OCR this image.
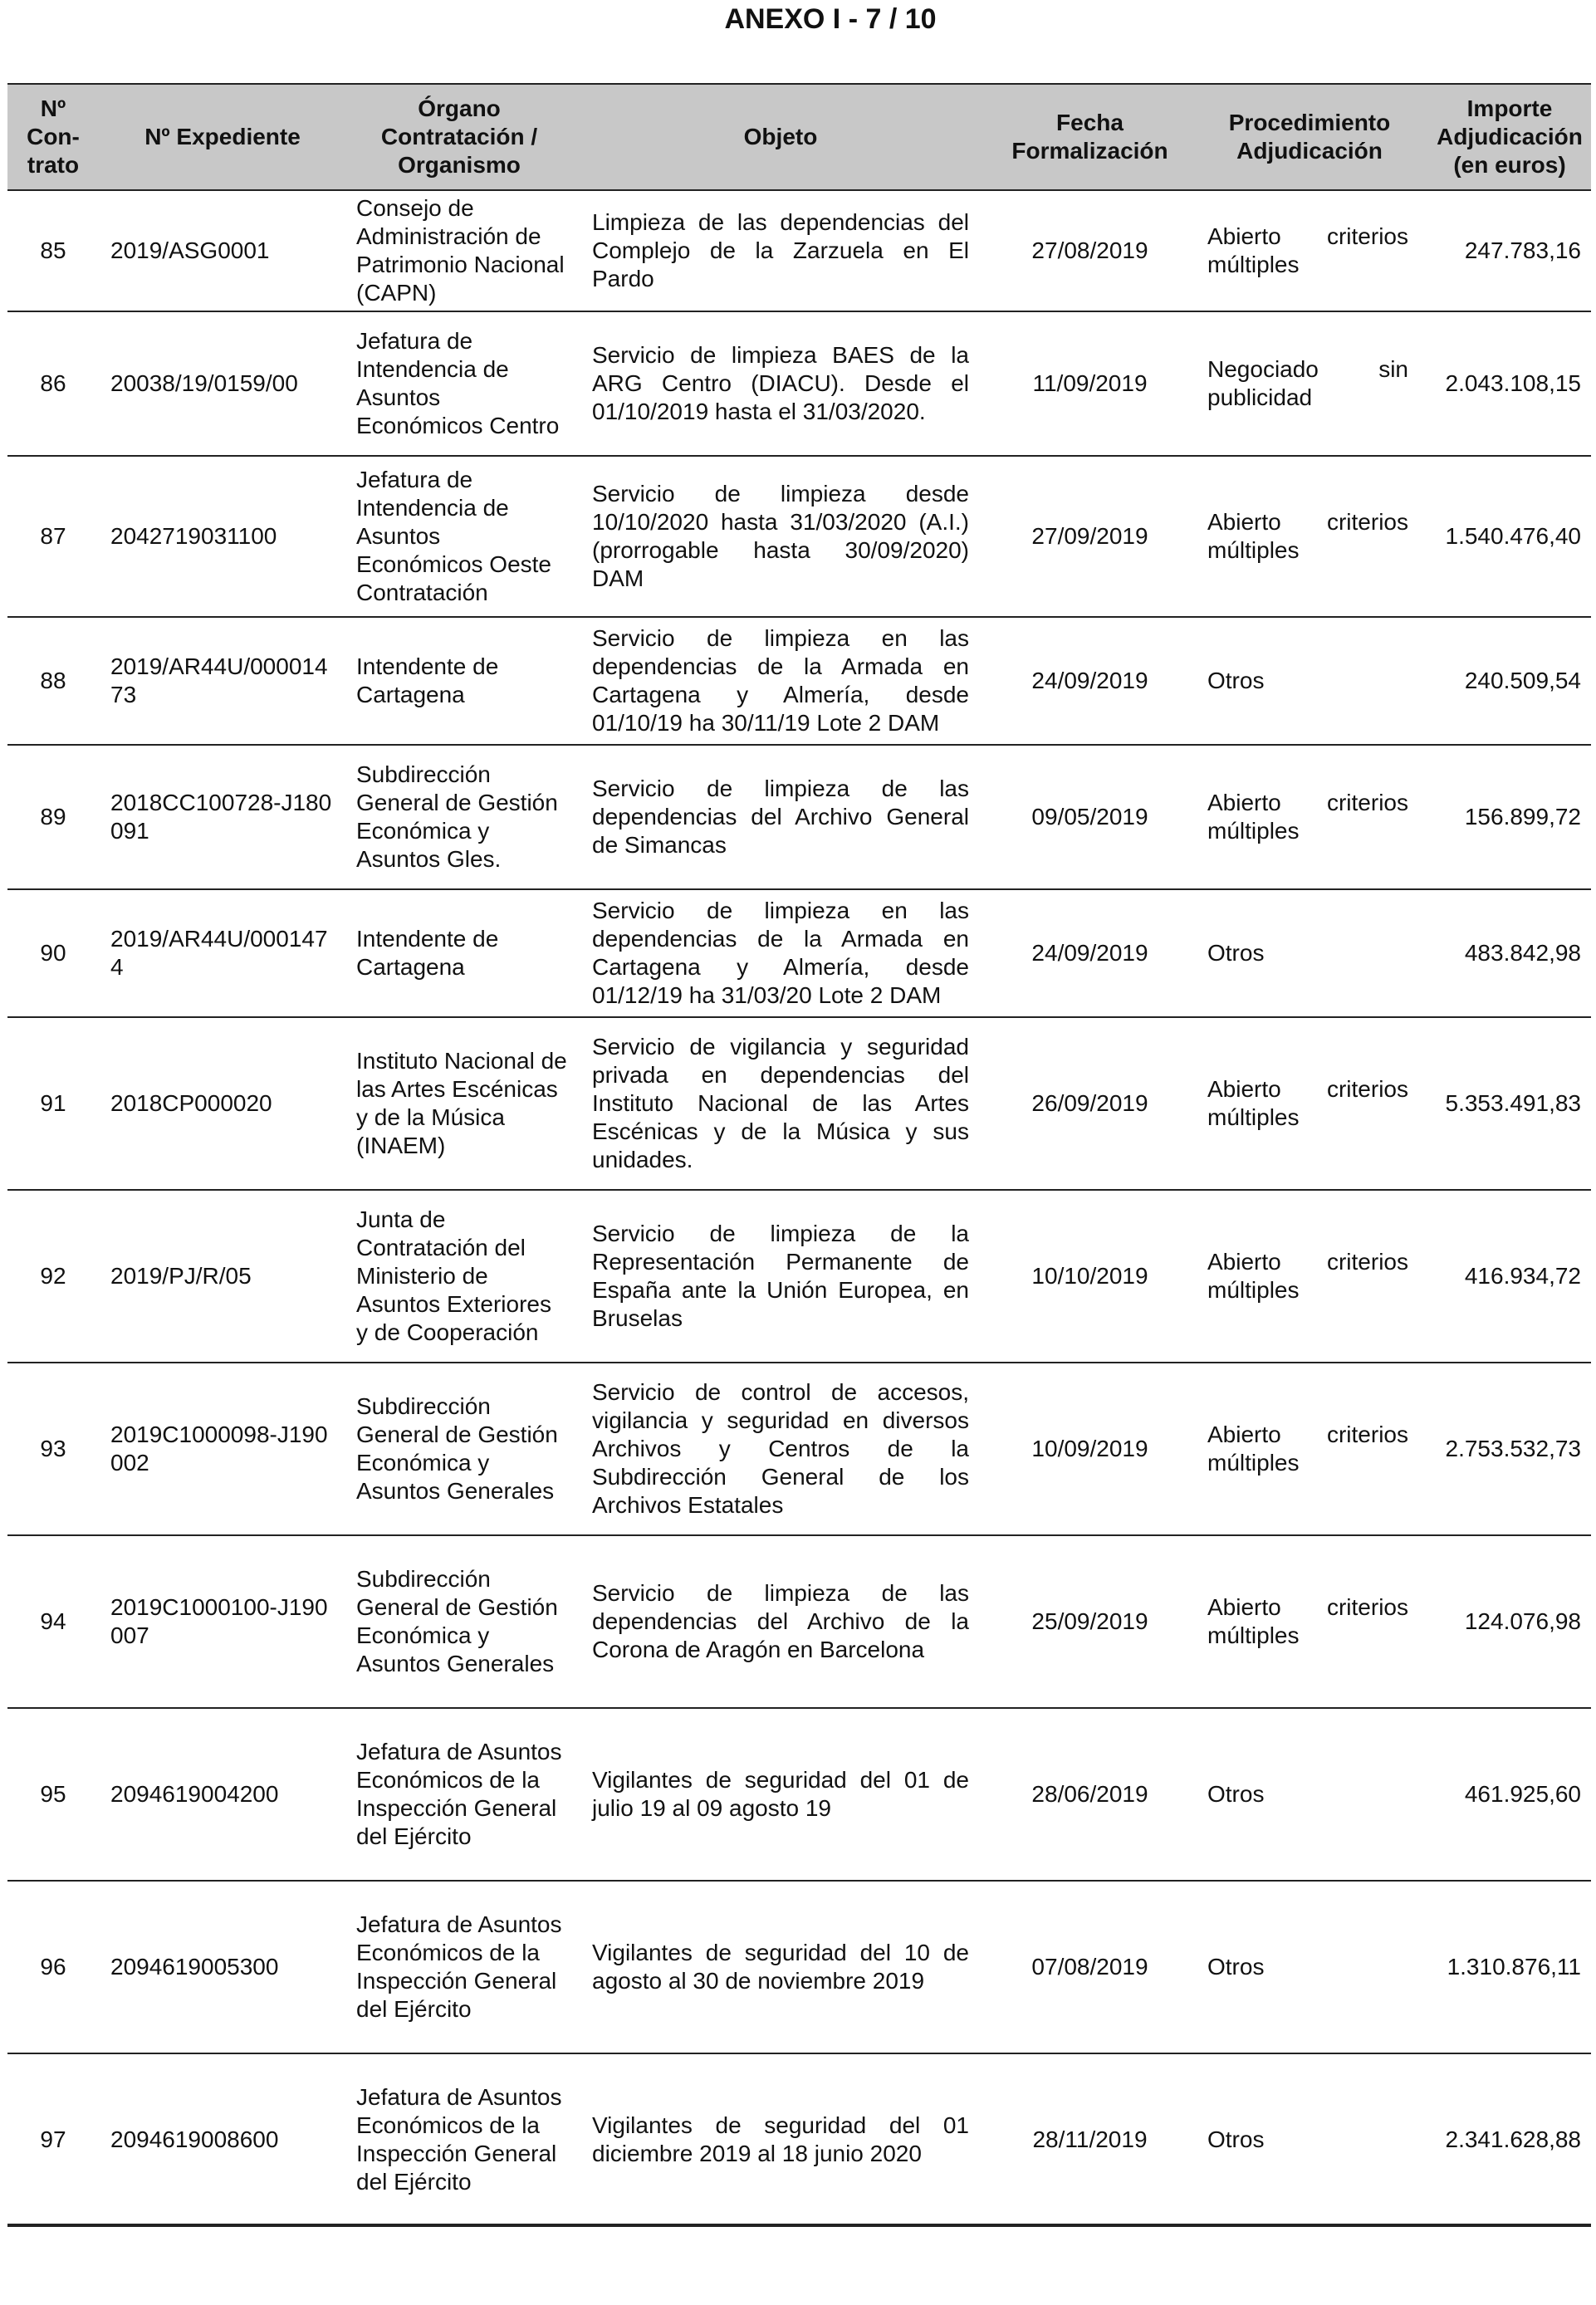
ANEXO I - 7 / 10
Nº Con-trato	Nº Expediente	Órgano Contratación / Organismo	Objeto	Fecha Formalización	Procedimiento Adjudicación	Importe Adjudicación (en euros)
85	2019/ASG0001	Consejo de Administración de Patrimonio Nacional (CAPN)	Limpieza de las dependencias del Complejo de la Zarzuela en El Pardo	27/08/2019	Abierto criterios múltiples	247.783,16
86	20038/19/0159/00	Jefatura de Intendencia de Asuntos Económicos Centro	Servicio de limpieza BAES de la ARG Centro (DIACU). Desde el 01/10/2019 hasta el 31/03/2020.	11/09/2019	Negociado sin publicidad	2.043.108,15
87	2042719031100	Jefatura de Intendencia de Asuntos Económicos Oeste Contratación	Servicio de limpieza desde 10/10/2020 hasta 31/03/2020 (A.I.) (prorrogable hasta 30/09/2020) DAM	27/09/2019	Abierto criterios múltiples	1.540.476,40
88	2019/AR44U/00001473	Intendente de Cartagena	Servicio de limpieza en las dependencias de la Armada en Cartagena y Almería, desde 01/10/19 ha 30/11/19 Lote 2 DAM	24/09/2019	Otros	240.509,54
89	2018CC100728-J180091	Subdirección General de Gestión Económica y Asuntos Gles.	Servicio de limpieza de las dependencias del Archivo General de Simancas	09/05/2019	Abierto criterios múltiples	156.899,72
90	2019/AR44U/0001474	Intendente de Cartagena	Servicio de limpieza en las dependencias de la Armada en Cartagena y Almería, desde 01/12/19 ha 31/03/20 Lote 2 DAM	24/09/2019	Otros	483.842,98
91	2018CP000020	Instituto Nacional de las Artes Escénicas y de la Música (INAEM)	Servicio de vigilancia y seguridad privada en dependencias del Instituto Nacional de las Artes Escénicas y de la Música y sus unidades.	26/09/2019	Abierto criterios múltiples	5.353.491,83
92	2019/PJ/R/05	Junta de Contratación del Ministerio de Asuntos Exteriores y de Cooperación	Servicio de limpieza de la Representación Permanente de España ante la Unión Europea, en Bruselas	10/10/2019	Abierto criterios múltiples	416.934,72
93	2019C1000098-J190002	Subdirección General de Gestión Económica y Asuntos Generales	Servicio de control de accesos, vigilancia y seguridad en diversos Archivos y Centros de la Subdirección General de los Archivos Estatales	10/09/2019	Abierto criterios múltiples	2.753.532,73
94	2019C1000100-J190007	Subdirección General de Gestión Económica y Asuntos Generales	Servicio de limpieza de las dependencias del Archivo de la Corona de Aragón en Barcelona	25/09/2019	Abierto criterios múltiples	124.076,98
95	2094619004200	Jefatura de Asuntos Económicos de la Inspección General del Ejército	Vigilantes de seguridad del 01 de julio 19 al 09 agosto 19	28/06/2019	Otros	461.925,60
96	2094619005300	Jefatura de Asuntos Económicos de la Inspección General del Ejército	Vigilantes de seguridad del 10 de agosto al 30 de noviembre 2019	07/08/2019	Otros	1.310.876,11
97	2094619008600	Jefatura de Asuntos Económicos de la Inspección General del Ejército	Vigilantes de seguridad del 01 diciembre 2019 al 18 junio 2020	28/11/2019	Otros	2.341.628,88
